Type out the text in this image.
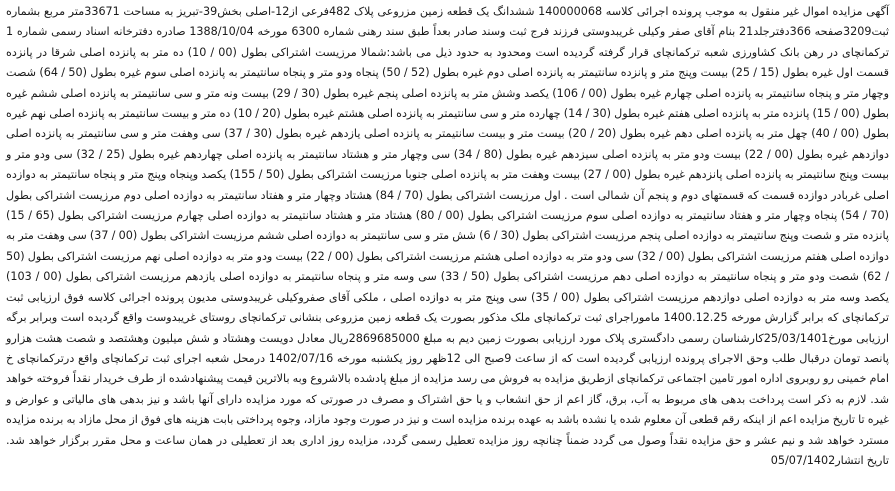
آگهی مزایده اموال غیر منقول به موجب پرونده اجرائی کلاسه 140000068 ششدانگ یک قطعه زمین مزروعی پلاک 482فرعی از12-اصلی بخش39-تبریز به مساحت 33671متر مربع بشماره ثبت3209صفحه 366دفترجلد21 بنام آقای صفر وکیلی غریبدوستی فرزند فرج ثبت وسند صادر بعداً طبق سند رهنی شماره 6300 مورخه 1388/10/04 صادره دفترخانه اسناد رسمی شماره 1 ترکمانچای در رهن بانک کشاورزی شعبه ترکمانچای قرار گرفته گردیده است ومحدود به حدود ذیل می باشد:شمالا مرزیست اشتراکی بطول (00 / 10) ده متر به پانزده اصلی شرقا در پانزده قسمت اول غیره بطول (15 / 25) بیست وپنج متر و پانزده سانتیمتر به پانزده اصلی دوم غیره بطول (52 / 50) پنجاه ودو متر و پنجاه سانتیمتر به پانزده اصلی سوم غیره بطول (50 / 64) شصت وچهار متر و پنجاه سانتیمتر به پانزده اصلی چهارم غیره بطول (00 / 106) یکصد وشش متر به پانزده اصلی پنجم غیره بطول (30 / 29) بیست ونه متر و سی سانتیمتر به پانزده اصلی ششم غیره بطول (00 / 15) پانزده متر به پانزده اصلی هفتم غیره بطول (30 / 14) چهارده متر و سی سانتیمتر به پانزده اصلی هشتم غیره بطول (20 / 10) ده متر و بیست سانتیمتر به پانزده اصلی نهم غیره بطول (00 / 40) چهل متر به پانزده اصلی دهم غیره بطول (20 / 20) بیست متر و بیست سانتیمتر به پانزده اصلی یازدهم غیره بطول (30 / 37) سی وهفت متر و سی سانتیمتر به پانزده اصلی دوازدهم غیره بطول (00 / 22) بیست ودو متر به پانزده اصلی سیزدهم غیره بطول (80 / 34) سی وچهار متر و هشتاد سانتیمتر به پانزده اصلی چهاردهم غیره بطول (25 / 32) سی ودو متر و بیست وپنج سانتیمتر به پانزده اصلی پانزدهم غیره بطول (00 / 27) بیست وهفت متر به پانزده اصلی جنوبا مرزیست اشتراکی بطول (50 / 155) یکصد وپنجاه وپنج متر و پنجاه سانتیمتر به دوازده اصلی غربادر دوازده قسمت که قسمتهای دوم و پنجم آن شمالی است . اول مرزیست اشتراکی بطول (70 / 84) هشتاد وچهار متر و هفتاد سانتیمتر به دوازده اصلی دوم مرزیست اشتراکی بطول (70 / 54) پنجاه وچهار متر و هفتاد سانتیمتر به دوازده اصلی سوم مرزیست اشتراکی بطول (00 / 80) هشتاد متر و هشتاد سانتیمتر به دوازده اصلی چهارم مرزیست اشتراکی بطول (65 / 15) پانزده متر و شصت وپنج سانتیمتر به دوازده اصلی پنجم مرزیست اشتراکی بطول (30 / 6) شش متر و سی سانتیمتر به دوازده اصلی ششم مرزیست اشتراکی بطول (00 / 37) سی وهفت متر به دوازده اصلی هفتم مرزیست اشتراکی بطول (00 / 32) سی ودو متر به دوازده اصلی هشتم مرزیست اشتراکی بطول (00 / 22) بیست ودو متر به دوازده اصلی نهم مرزیست اشتراکی بطول (50 / 62) شصت ودو متر و پنجاه سانتیمتر به دوازده اصلی دهم مرزیست اشتراکی بطول (50 / 33) سی وسه متر و پنجاه سانتیمتر به دوازده اصلی یازدهم مرزیست اشتراکی بطول (00 / 103) یکصد وسه متر به دوازده اصلی دوازدهم مرزیست اشتراکی بطول (00 / 35) سی وپنج متر به دوازده اصلی ، ملکی آقای صفروکیلی غریبدوستی مدیون پرونده اجرائی کلاسه فوق ارزیابی ثبت ترکمانچای که برابر گزارش مورخه 1400.12.25 ماموراجرای ثبت ترکمانچای ملک مذکور بصورت یک قطعه زمین مزروعی بنشانی ترکمانچای روستای غریبدوست واقع گردیده است وبرابر برگه ارزیابی مورخ25/03/1401کارشناسان رسمی دادگستری پلاک مورد ارزیابی بصورت زمین دیم به مبلغ 2869685000ریال معادل دویست وهشتاد و شش میلیون وهشتصد و شصت هشت هزارو پانصد تومان درقبال طلب وحق الاجرای پرونده ارزیابی گردیده است که از ساعت 9صبح الی 12ظهر روز یکشنبه مورخه 1402/07/16 درمحل شعبه اجرای ثبت ترکمانچای واقع درترکمانچای خ امام خمینی رو روبروی اداره امور تامین اجتماعی ترکمانچای ازطریق مزایده به فروش می رسد مزایده از مبلغ پادشده بالاشروع وبه بالاترین قیمت پیشنهادشده از طرف خریدار نقداً فروخته خواهد شد. لازم به ذکر است پرداخت بدهی های مربوط به آب، برق، گاز اعم از حق انشعاب و یا حق اشتراک و مصرف در صورتی که مورد مزایده دارای آنها باشد و نیز بدهی های مالیاتی و عوارض و غیره تا تاریخ مزایده اعم از اینکه رقم قطعی آن معلوم شده یا نشده باشد به عهده برنده مزایده است و نیز در صورت وجود مازاد، وجوه پرداختی بابت هزینه های فوق از محل مازاد به برنده مزایده مسترد خواهد شد و نیم عشر و حق مزایده نقداً وصول می گردد ضمناً چنانچه روز مزایده تعطیل رسمی گردد، مزایده روز اداری بعد از تعطیلی در همان ساعت و محل مقرر برگزار خواهد شد. تاریخ انتشار05/07/1402
